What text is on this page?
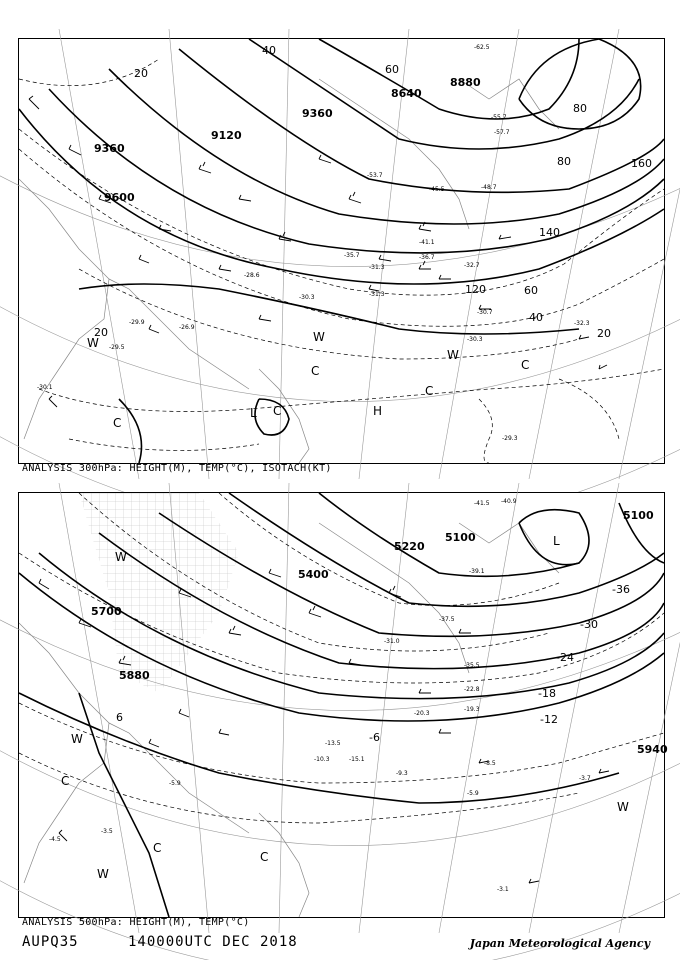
9600
9360
9120
9360
8640
8880
20
40
60
80
120
140
160
60
20	20
40
80
L	H
W
C
C
W
C
W
C
C
-62.5
-55.7
-57.7
-53.7
-48.7
-45.5
-41.1
-36.7
-35.7
-31.3
-30.3
-30.7
-29.5
-29.9
-30.1
-31.3
-32.3
-28.6
-26.9
-30.3
-29.3
-32.7
ANALYSIS 300hPa: HEIGHT(M), TEMP(°C), ISOTACH(KT)
5100
5100
5700
5880
5940
5400
5220
-36
-30
-24
-18
-12
-6
6
L
W
C
W
C
C
W
W
-41.5 -40.9
-39.1
-37.5
-35.5
-31.0
-22.8
-20.3
-19.3
-13.5
-8.5
-9.3
-5.9
-3.7
-3.1
-10.3	-15.1
-4.5
-3.5
-5.9
ANALYSIS 500hPa: HEIGHT(M), TEMP(°C)
AUPQ35	140000UTC DEC 2018	Japan Meteorological Agency
